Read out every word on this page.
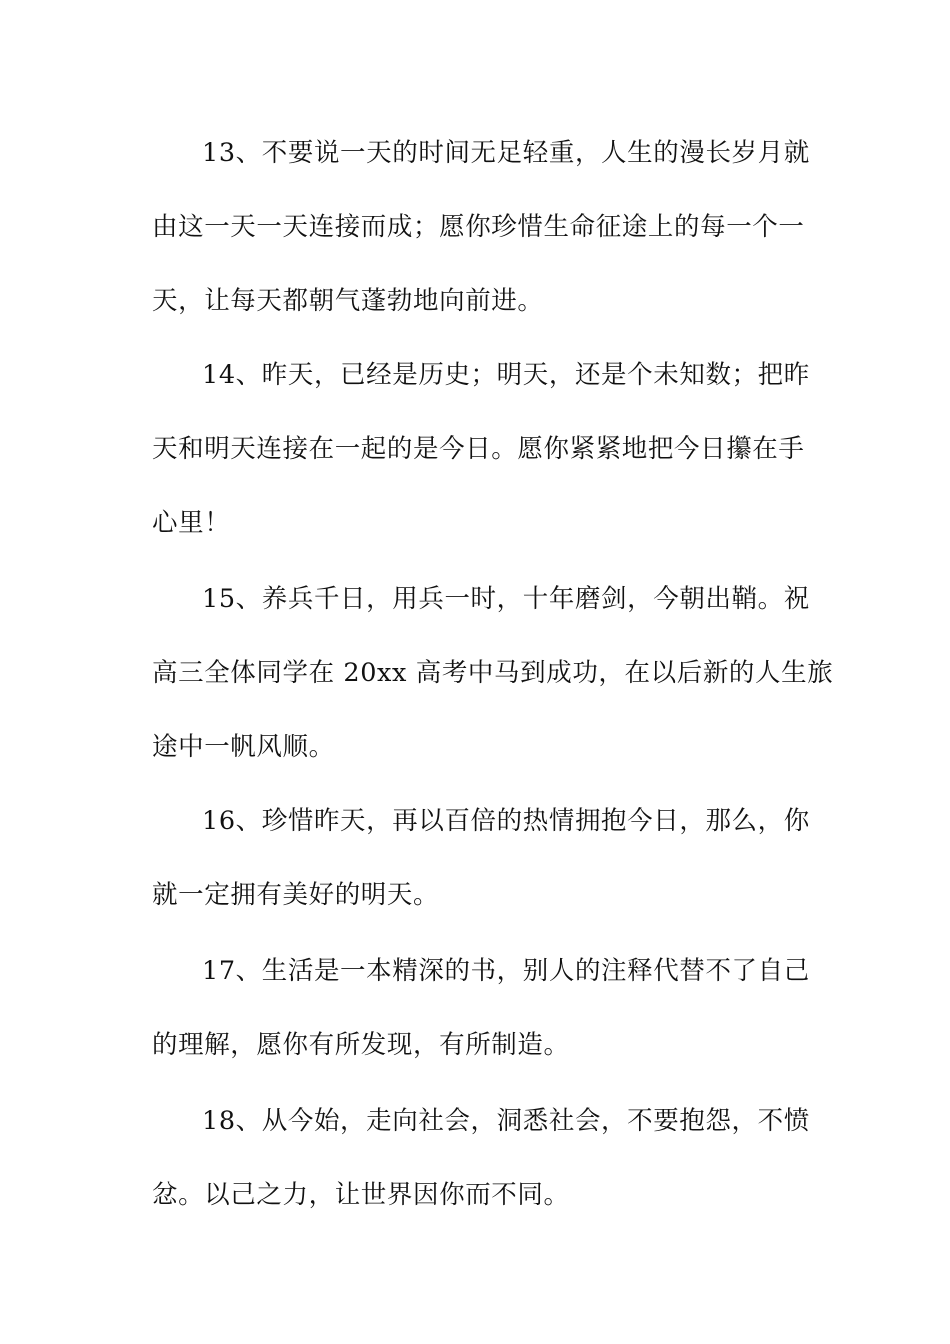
13、不要说一天的时间无足轻重，人生的漫长岁月就
由这一天一天连接而成；愿你珍惜生命征途上的每一个一
天，让每天都朝气蓬勃地向前进。
14、昨天，已经是历史；明天，还是个未知数；把昨
天和明天连接在一起的是今日。愿你紧紧地把今日攥在手
心里！
15、养兵千日，用兵一时，十年磨剑，今朝出鞘。祝
高三全体同学在 20xx 高考中马到成功，在以后新的人生旅
途中一帆风顺。
16、珍惜昨天，再以百倍的热情拥抱今日，那么，你
就一定拥有美好的明天。
17、生活是一本精深的书，别人的注释代替不了自己
的理解，愿你有所发现，有所制造。
18、从今始，走向社会，洞悉社会，不要抱怨，不愤
忿。以己之力，让世界因你而不同。
